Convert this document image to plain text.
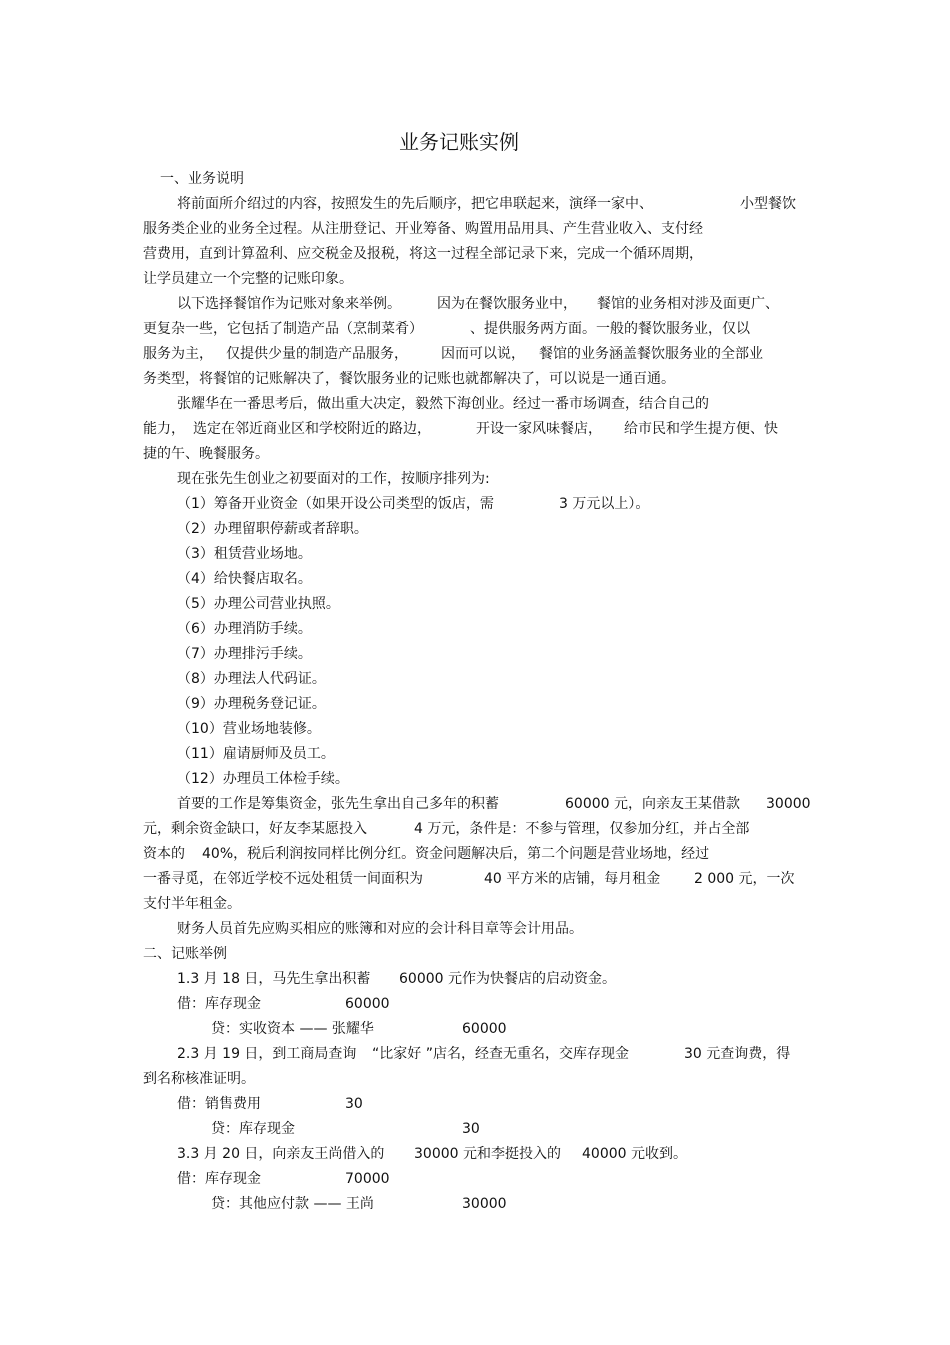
业务记账实例
一、业务说明
将前面所介绍过的内容，按照发生的先后顺序，把它串联起来，演绎一家中、	小型餐饮
服务类企业的业务全过程。从注册登记、开业筹备、购置用品用具、产生营业收入、支付经
营费用，直到计算盈利、应交税金及报税，将这一过程全部记录下来，完成一个循环周期，
让学员建立一个完整的记账印象。
以下选择餐馆作为记账对象来举例。	因为在餐饮服务业中， 餐馆的业务相对涉及面更广、
更复杂一些，它包括了制造产品（烹制菜肴）	、提供服务两方面。一般的餐饮服务业，仅以
服务为主， 仅提供少量的制造产品服务， 因而可以说， 餐馆的业务涵盖餐饮服务业的全部业
务类型，将餐馆的记账解决了，餐饮服务业的记账也就都解决了，可以说是一通百通。
张耀华在一番思考后，做出重大决定，毅然下海创业。经过一番市场调查，结合自己的
能力， 选定在邻近商业区和学校附近的路边，	开设一家风味餐店， 给市民和学生提方便、快
捷的午、晚餐服务。
现在张先生创业之初要面对的工作，按顺序排列为:
（1）筹备开业资金（如果开设公司类型的饭店，需	3 万元以上）。
（2）办理留职停薪或者辞职。
（3）租赁营业场地。
（4）给快餐店取名。
（5）办理公司营业执照。
（6）办理消防手续。
（7）办理排污手续。
（8）办理法人代码证。
（9）办理税务登记证。
（10）营业场地装修。
（11）雇请厨师及员工。
（12）办理员工体检手续。
首要的工作是筹集资金，张先生拿出自己多年的积蓄	60000 元，向亲友王某借款 30000
元，剩余资金缺口，好友李某愿投入	4 万元，条件是：不参与管理，仅参加分红，并占全部
资本的 40%，税后利润按同样比例分红。资金问题解决后，第二个问题是营业场地，经过
一番寻觅，在邻近学校不远处租赁一间面积为	40 平方米的店铺，每月租金 2 000 元，一次
支付半年租金。
财务人员首先应购买相应的账簿和对应的会计科目章等会计用品。
二、记账举例
1.3 月 18 日，马先生拿出积蓄 60000 元作为快餐店的启动资金。
借：库存现金	60000
贷：实收资本 —— 张耀华	60000
2.3 月 19 日，到工商局查询 “比家好 ”店名，经查无重名，交库存现金	30 元查询费，得
到名称核准证明。
借：销售费用	30
贷：库存现金	30
3.3 月 20 日，向亲友王尚借入的 30000 元和李挺投入的 40000 元收到。
借：库存现金	70000
贷：其他应付款 —— 王尚	30000
